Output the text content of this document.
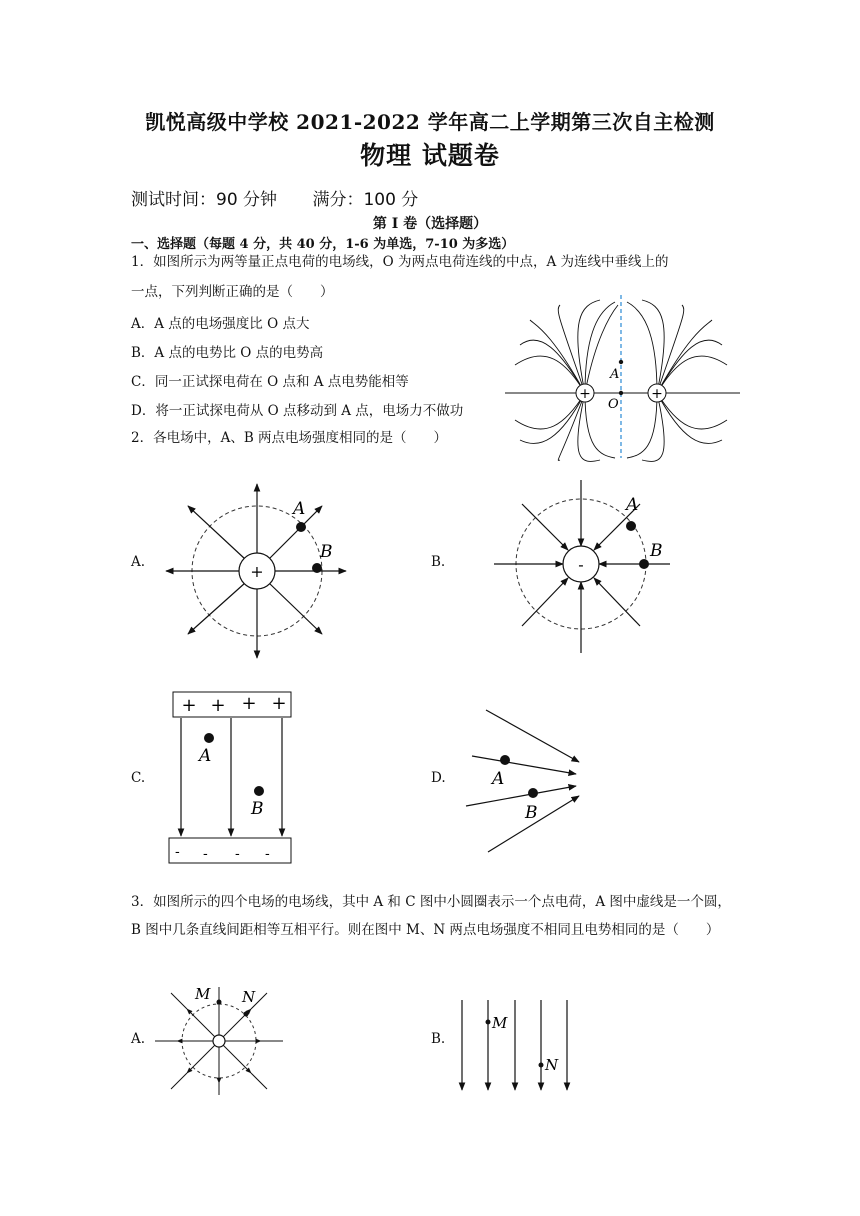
凯悦高级中学校 2021-2022 学年高二上学期第三次自主检测
物理 试题卷
测试时间：90 分钟 满分：100 分
第 I 卷（选择题）
一、选择题（每题 4 分，共 40 分，1-6 为单选，7-10 为多选）
1．如图所示为两等量正点电荷的电场线，O 为两点电荷连线的中点，A 为连线中垂线上的
一点，下列判断正确的是（　　）
A．A 点的电场强度比 O 点大
B．A 点的电势比 O 点的电势高
C．同一正试探电荷在 O 点和 A 点电势能相等
D．将一正试探电荷从 O 点移动到 A 点，电场力不做功
+	+
A
O
2．各电场中，A、B 两点电场强度相同的是（　　）
A.	+
A
B	B.	-
A
B
C.
+ + + +
- - - -
A
B
D.	A
B
3．如图所示的四个电场的电场线，其中 A 和 C 图中小圆圈表示一个点电荷，A 图中虚线是一个圆，B 图中几条直线间距相等互相平行。则在图中 M、N 两点电场强度不相同且电势相同的是（　　）
A.
M N
B.
M
N
